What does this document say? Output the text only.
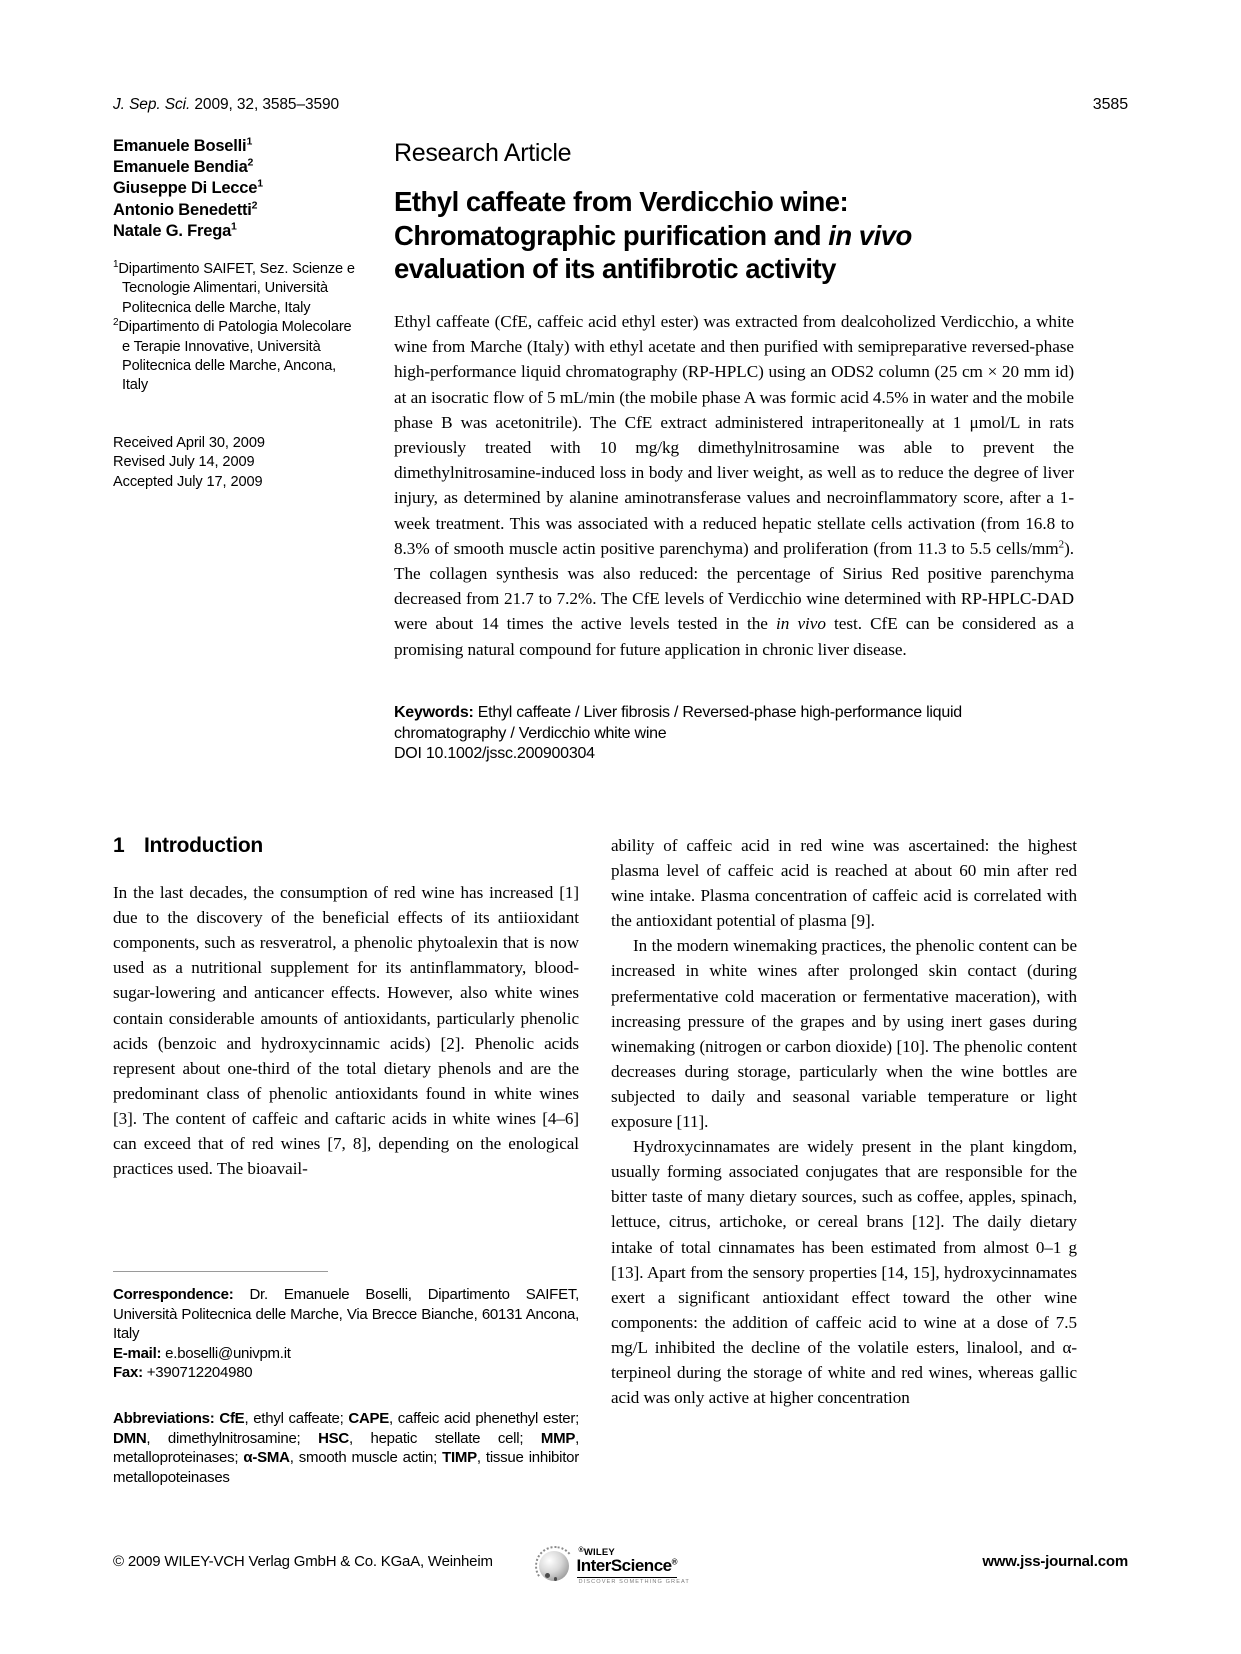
J. Sep. Sci. 2009, 32, 3585–3590	3585
Emanuele Boselli$^1$
Emanuele Bendia$^2$
Giuseppe Di Lecce$^1$
Antonio Benedetti$^2$
Natale G. Frega$^1$
$^1$Dipartimento SAIFET, Sez. Scienze e Tecnologie Alimentari, Università Politecnica delle Marche, Italy
$^2$Dipartimento di Patologia Molecolare e Terapie Innovative, Università Politecnica delle Marche, Ancona, Italy
Received April 30, 2009
Revised July 14, 2009
Accepted July 17, 2009
Research Article
Ethyl caffeate from Verdicchio wine:
Chromatographic purification and in vivo
evaluation of its antifibrotic activity
Ethyl caffeate (CfE, caffeic acid ethyl ester) was extracted from dealcoholized Verdicchio, a white wine from Marche (Italy) with ethyl acetate and then purified with semipreparative reversed-phase high-performance liquid chromatography (RP-HPLC) using an ODS2 column (25 cm × 20 mm id) at an isocratic flow of 5 mL/min (the mobile phase A was formic acid 4.5% in water and the mobile phase B was acetonitrile). The CfE extract administered intraperitoneally at 1 μmol/L in rats previously treated with 10 mg/kg dimethylnitrosamine was able to prevent the dimethylnitrosamine-induced loss in body and liver weight, as well as to reduce the degree of liver injury, as determined by alanine aminotransferase values and necroinflammatory score, after a 1-week treatment. This was associated with a reduced hepatic stellate cells activation (from 16.8 to 8.3% of smooth muscle actin positive parenchyma) and proliferation (from 11.3 to 5.5 cells/$mm^2$). The collagen synthesis was also reduced: the percentage of Sirius Red positive parenchyma decreased from 21.7 to 7.2%. The CfE levels of Verdicchio wine determined with RP-HPLC-DAD were about 14 times the active levels tested in the in vivo test. CfE can be considered as a promising natural compound for future application in chronic liver disease.
Keywords: Ethyl caffeate / Liver fibrosis / Reversed-phase high-performance liquid chromatography / Verdicchio white wine
DOI 10.1002/jssc.200900304
1 Introduction

In the last decades, the consumption of red wine has increased [1] due to the discovery of the beneficial effects of its antiioxidant components, such as resveratrol, a phenolic phytoalexin that is now used as a nutritional supplement for its antinflammatory, blood-sugar-lowering and anticancer effects. However, also white wines contain considerable amounts of antioxidants, particularly phenolic acids (benzoic and hydroxycinnamic acids) [2]. Phenolic acids represent about one-third of the total dietary phenols and are the predominant class of phenolic antioxidants found in white wines [3]. The content of caffeic and caftaric acids in white wines [4–6] can exceed that of red wines [7, 8], depending on the enological practices used. The bioavail-

ability of caffeic acid in red wine was ascertained: the highest plasma level of caffeic acid is reached at about 60 min after red wine intake. Plasma concentration of caffeic acid is correlated with the antioxidant potential of plasma [9].

In the modern winemaking practices, the phenolic content can be increased in white wines after prolonged skin contact (during prefermentative cold maceration or fermentative maceration), with increasing pressure of the grapes and by using inert gases during winemaking (nitrogen or carbon dioxide) [10]. The phenolic content decreases during storage, particularly when the wine bottles are subjected to daily and seasonal variable temperature or light exposure [11].

Hydroxycinnamates are widely present in the plant kingdom, usually forming associated conjugates that are responsible for the bitter taste of many dietary sources, such as coffee, apples, spinach, lettuce, citrus, artichoke, or cereal brans [12]. The daily dietary intake of total cinnamates has been estimated from almost 0–1 g [13]. Apart from the sensory properties [14, 15], hydroxycinnamates exert a significant antioxidant effect toward the other wine components: the addition of caffeic acid to wine at a dose of 7.5 mg/L inhibited the decline of the volatile esters, linalool, and α-terpineol during the storage of white and red wines, whereas gallic acid was only active at higher concentration

Correspondence: Dr. Emanuele Boselli, Dipartimento SAIFET, Università Politecnica delle Marche, Via Brecce Bianche, 60131 Ancona, Italy
E-mail: e.boselli@univpm.it
Fax: +390712204980

Abbreviations: CfE, ethyl caffeate; CAPE, caffeic acid phenethyl ester; DMN, dimethylnitrosamine; HSC, hepatic stellate cell; MMP, metalloproteinases; α-SMA, smooth muscle actin; TIMP, tissue inhibitor metallopoteinases

© 2009 WILEY-VCH Verlag GmbH & Co. KGaA, Weinheim
®WILEY
InterScience®
DISCOVER SOMETHING GREAT
www.jss-journal.com
